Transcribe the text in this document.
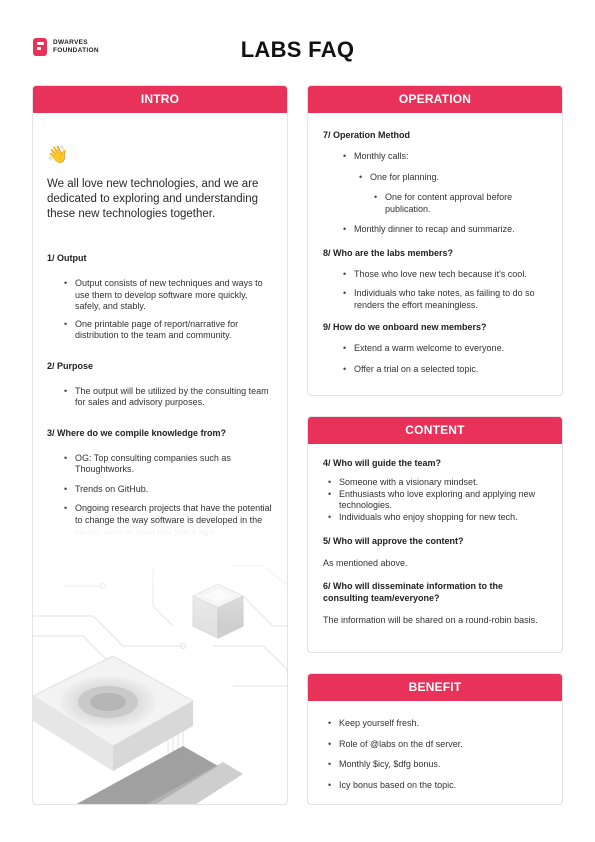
DWARVES
FOUNDATION	LABS FAQ
INTRO
👋

We all love new technologies, and we are dedicated to exploring and understanding these new technologies together.

1/ Output
• Output consists of new techniques and ways to use them to develop software more quickly, safely, and stably.
• One printable page of report/narrative for distribution to the team and community.
2/ Purpose
• The output will be utilized by the consulting team for sales and advisory purposes.
3/ Where do we compile knowledge from?
• OG: Top consulting companies such as Thoughtworks.
• Trends on GitHub.
• Ongoing research projects that have the potential to change the way software is developed in the
OPERATION
7/ Operation Method
• Monthly calls:
• One for planning.
• One for content approval before publication.
• Monthly dinner to recap and summarize.
8/ Who are the labs members?
• Those who love new tech because it's cool.
• Individuals who take notes, as failing to do so renders the effort meaningless.
9/ How do we onboard new members?
• Extend a warm welcome to everyone.
• Offer a trial on a selected topic.
CONTENT
4/ Who will guide the team?
• Someone with a visionary mindset.
• Enthusiasts who love exploring and applying new technologies.
• Individuals who enjoy shopping for new tech.
5/ Who will approve the content?
As mentioned above.
6/ Who will disseminate information to the consulting team/everyone?
The information will be shared on a round-robin basis.
BENEFIT
• Keep yourself fresh.
• Role of @labs on the df server.
• Monthly $icy, $dfg bonus.
• Icy bonus based on the topic.
